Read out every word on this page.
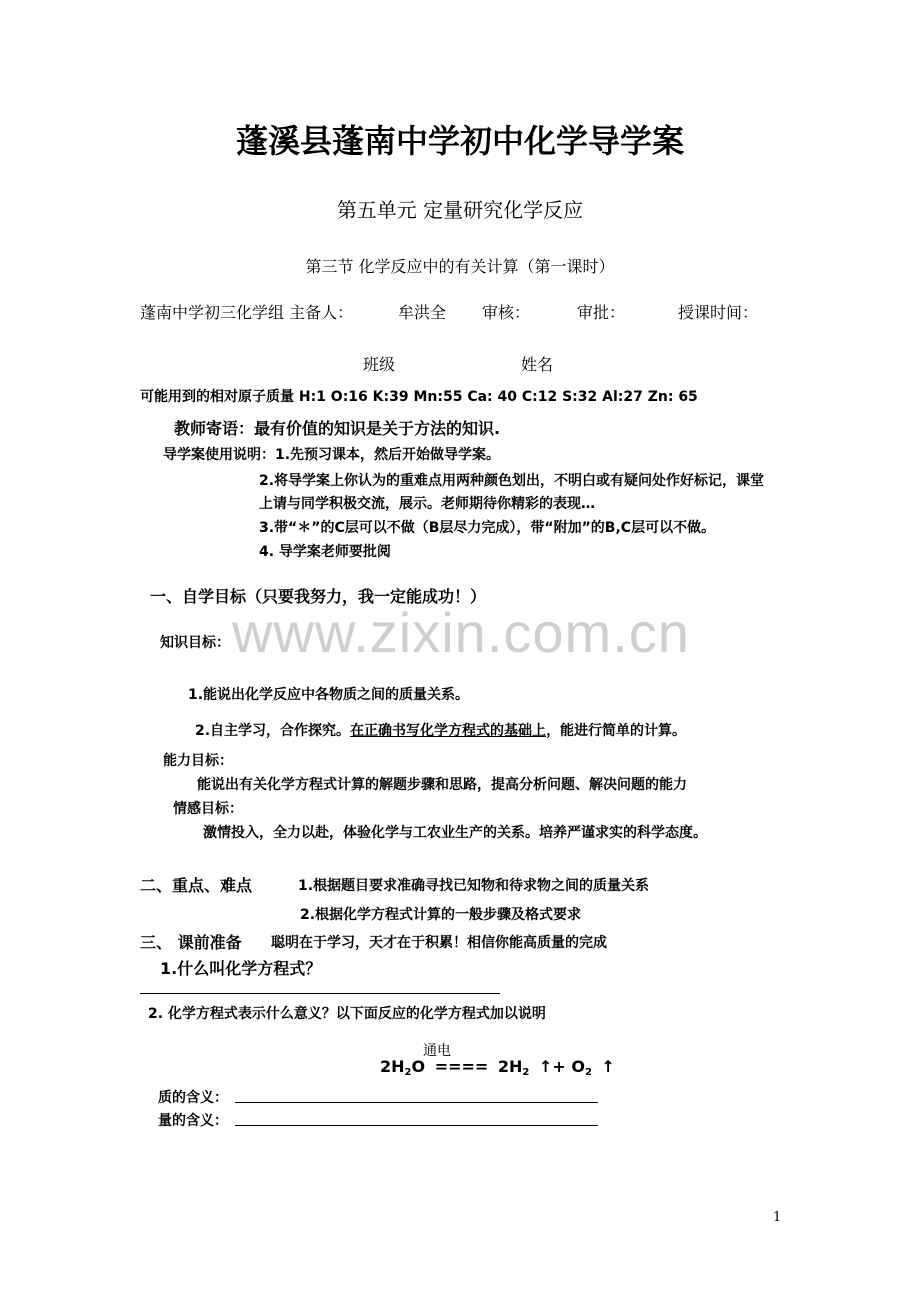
蓬溪县蓬南中学初中化学导学案
第五单元 定量研究化学反应
第三节 化学反应中的有关计算（第一课时）
蓬南中学初三化学组 主备人：	牟洪全 审核：	审批：	授课时间：
班级	姓名
可能用到的相对原子质量 H:1 O:16 K:39 Mn:55 Ca: 40 C:12 S:32 Al:27 Zn: 65
教师寄语：最有价值的知识是关于方法的知识.
导学案使用说明： 1.先预习课本，然后开始做导学案。
2.将导学案上你认为的重难点用两种颜色划出，不明白或有疑问处作好标记，课堂
上请与同学积极交流，展示。老师期待你精彩的表现…
3.带“＊”的C层可以不做（B层尽力完成），带“附加”的B,C层可以不做。
4. 导学案老师要批阅
一、自学目标（只要我努力，我一定能成功！）
www.zixin.com.cn
知识目标：
1.能说出化学反应中各物质之间的质量关系。
2.自主学习，合作探究。在正确书写化学方程式的基础上，能进行简单的计算。
能力目标：
能说出有关化学方程式计算的解题步骤和思路，提高分析问题、解决问题的能力
情感目标：
激情投入，全力以赴，体验化学与工农业生产的关系。培养严谨求实的科学态度。
二、重点、难点	1.根据题目要求准确寻找已知物和待求物之间的质量关系
2.根据化学方程式计算的一般步骤及格式要求
三、 课前准备 聪明在于学习，天才在于积累！相信你能高质量的完成
1.什么叫化学方程式？
2. 化学方程式表示什么意义？以下面反应的化学方程式加以说明
通电
$2H_2O$ ==== $2H_2$ ↑+ $O_2$ ↑
质的含义：
量的含义：
1
